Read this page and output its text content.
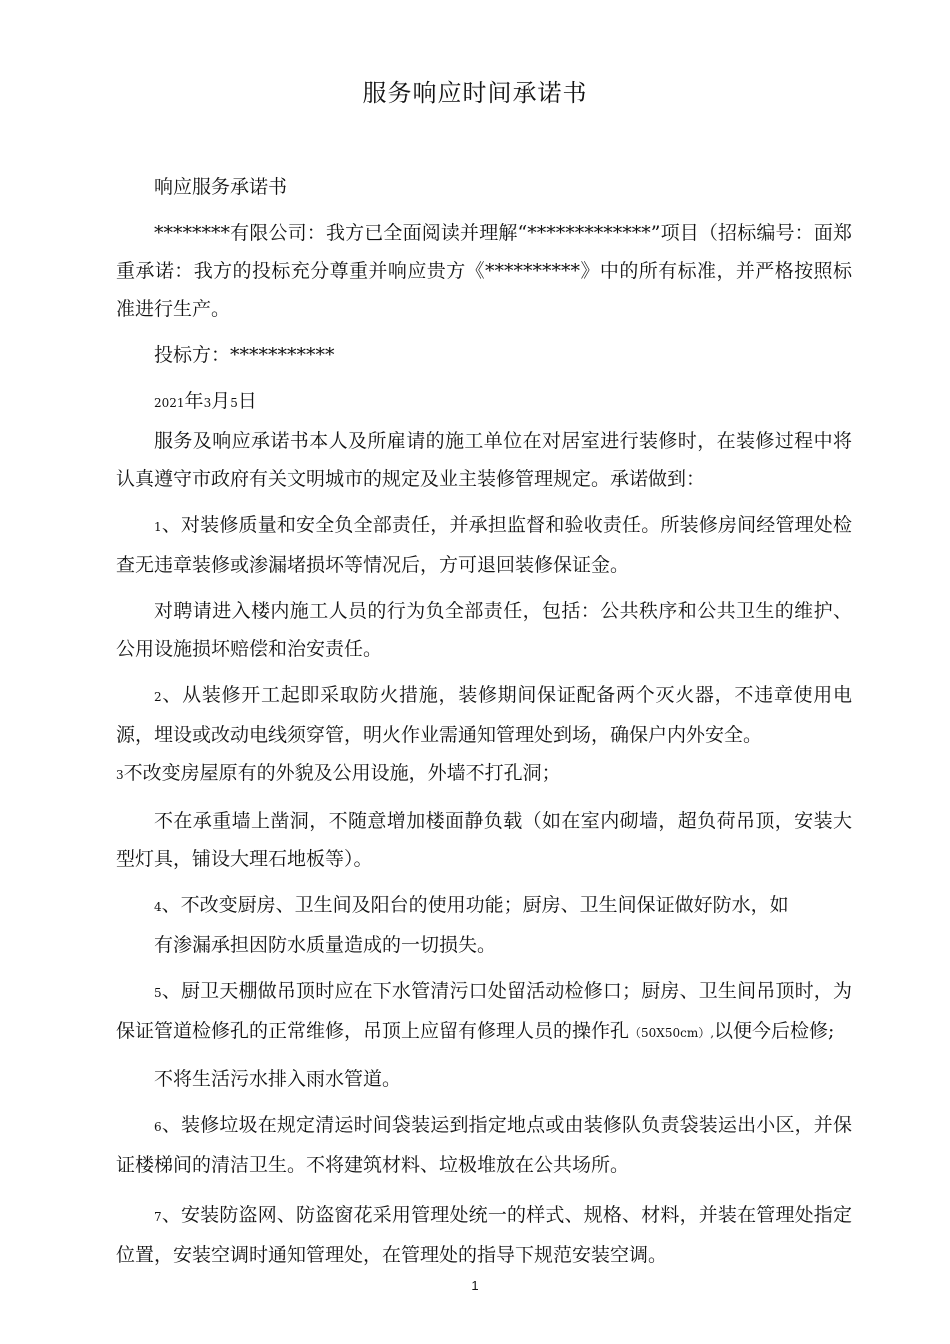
服务响应时间承诺书

响应服务承诺书

********有限公司：我方已全面阅读并理解“*************”项目（招标编号：面郑重承诺：我方的投标充分尊重并响应贵方《**********》中的所有标准，并严格按照标准进行生产。

投标方：***********

2021年3月5日

服务及响应承诺书本人及所雇请的施工单位在对居室进行装修时，在装修过程中将认真遵守市政府有关文明城市的规定及业主装修管理规定。承诺做到：

1、对装修质量和安全负全部责任，并承担监督和验收责任。所装修房间经管理处检查无违章装修或渗漏堵损坏等情况后，方可退回装修保证金。

对聘请进入楼内施工人员的行为负全部责任，包括：公共秩序和公共卫生的维护、公用设施损坏赔偿和治安责任。

2、从装修开工起即采取防火措施，装修期间保证配备两个灭火器，不违章使用电源，埋设或改动电线须穿管，明火作业需通知管理处到场，确保户内外安全。

3不改变房屋原有的外貌及公用设施，外墙不打孔洞；

不在承重墙上凿洞，不随意增加楼面静负载（如在室内砌墙，超负荷吊顶，安装大型灯具，铺设大理石地板等）。

4、不改变厨房、卫生间及阳台的使用功能；厨房、卫生间保证做好防水，如

有渗漏承担因防水质量造成的一切损失。

5、厨卫天棚做吊顶时应在下水管清污口处留活动检修口；厨房、卫生间吊顶时，为保证管道检修孔的正常维修，吊顶上应留有修理人员的操作孔（50X50cm）,以便今后检修;

不将生活污水排入雨水管道。

6、装修垃圾在规定清运时间袋装运到指定地点或由装修队负责袋装运出小区，并保证楼梯间的清洁卫生。不将建筑材料、垃极堆放在公共场所。

7、安装防盗网、防盗窗花采用管理处统一的样式、规格、材料，并装在管理处指定位置，安装空调时通知管理处，在管理处的指导下规范安装空调。

1
